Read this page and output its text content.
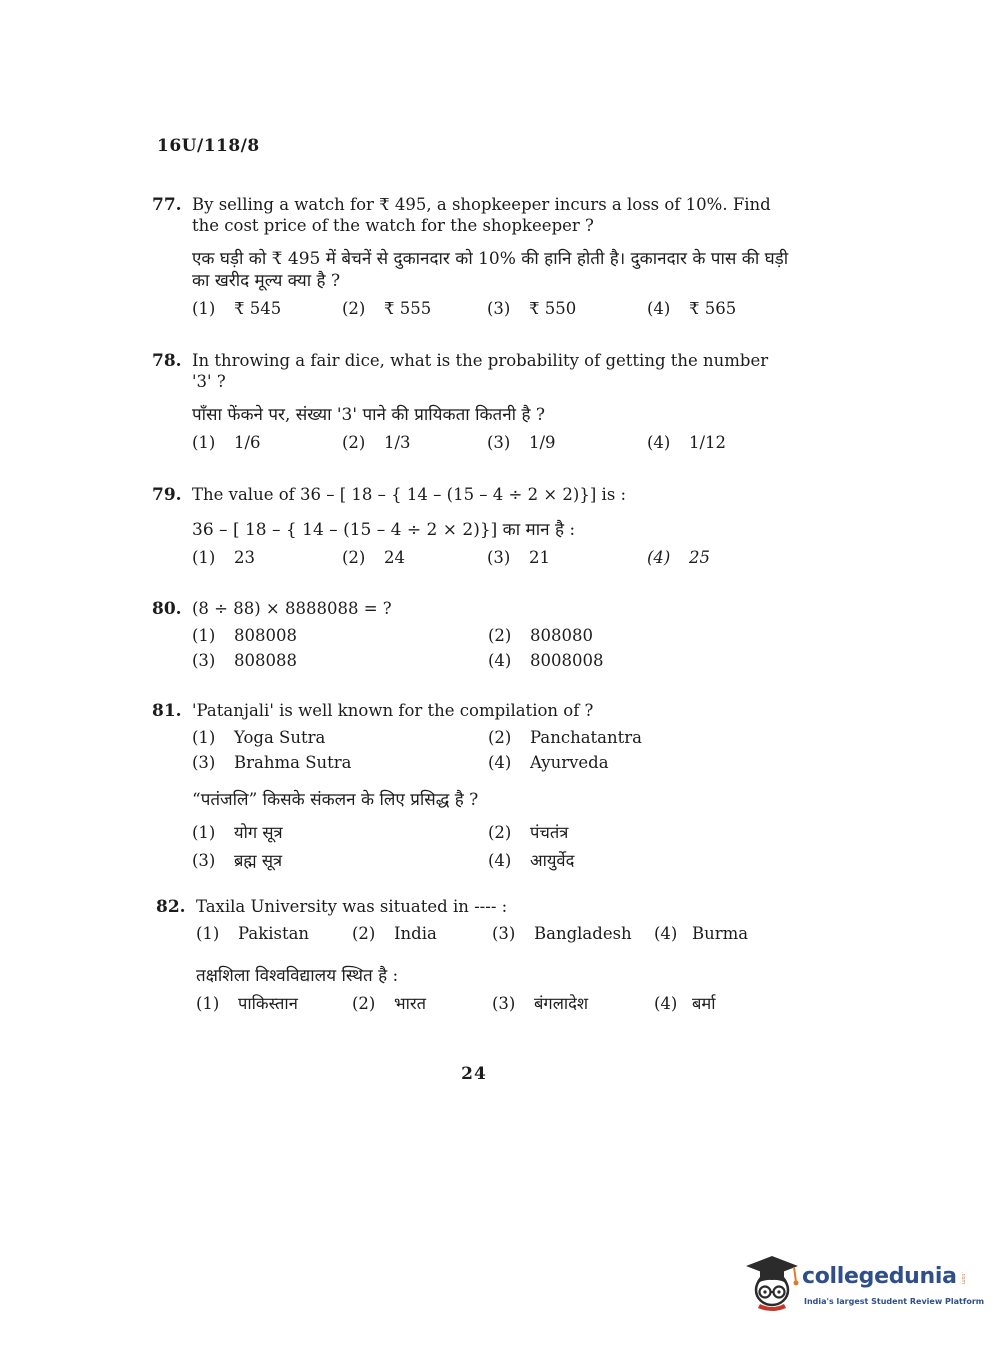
16U/118/8
77. By selling a watch for ₹ 495, a shopkeeper incurs a loss of 10%. Find the cost price of the watch for the shopkeeper ?

एक घड़ी को ₹ 495 में बेचनें से दुकानदार को 10% की हानि होती है। दुकानदार के पास की घड़ी का खरीद मूल्य क्या है ?

(1) ₹ 545	(2) ₹ 555	(3) ₹ 550	(4) ₹ 565
78. In throwing a fair dice, what is the probability of getting the number '3' ?

पाँसा फेंकने पर, संख्या '3' पाने की प्रायिकता कितनी है ?

(1) 1/6	(2) 1/3	(3) 1/9	(4) 1/12
79. The value of 36 – [ 18 – { 14 – (15 – 4 ÷ 2 × 2)}] is :

36 – [ 18 – { 14 – (15 – 4 ÷ 2 × 2)}] का मान है :

(1) 23	(2) 24	(3) 21	(4) 25
80. (8 ÷ 88) × 8888088 = ?

(1) 808008	(2) 808080
(3) 808088	(4) 8008008
81. 'Patanjali' is well known for the compilation of ?

(1) Yoga Sutra	(2) Panchatantra
(3) Brahma Sutra	(4) Ayurveda

“पतंजलि” किसके संकलन के लिए प्रसिद्ध है ?

(1) योग सूत्र	(2) पंचतंत्र
(3) ब्रह्म सूत्र	(4) आयुर्वेद
82. Taxila University was situated in ---- :

(1) Pakistan	(2) India	(3) Bangladesh	(4) Burma

तक्षशिला विश्वविद्यालय स्थित है :

(1) पाकिस्तान	(2) भारत	(3) बंगलादेश	(4) बर्मा
24
collegedunia .com
India's largest Student Review Platform
